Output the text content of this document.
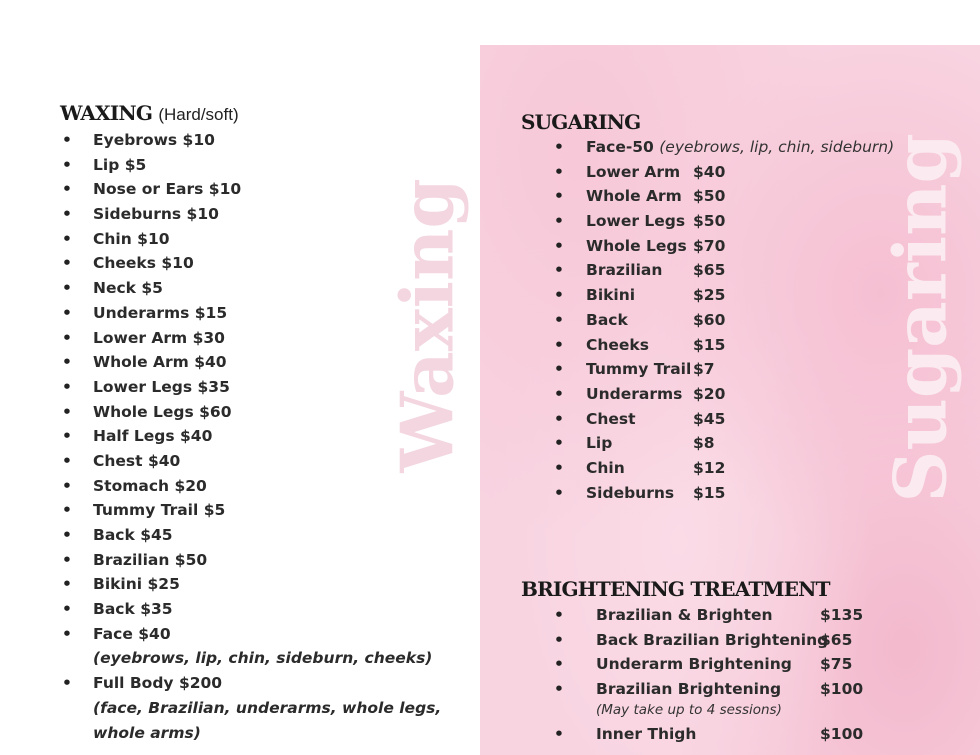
Waxing	Sugaring
WAXING (Hard/soft)
• Eyebrows $10
• Lip $5
• Nose or Ears $10
• Sideburns $10
• Chin $10
• Cheeks $10
• Neck $5
• Underarms $15
• Lower Arm $30
• Whole Arm $40
• Lower Legs $35
• Whole Legs $60
• Half Legs $40
• Chest $40
• Stomach $20
• Tummy Trail $5
• Back $45
• Brazilian $50
• Bikini $25
• Back $35
• Face $40
(eyebrows, lip, chin, sideburn, cheeks)
• Full Body $200
(face, Brazilian, underarms, whole legs,
whole arms)
SUGARING
• Face-50 (eyebrows, lip, chin, sideburn)
• Lower Arm $40
• Whole Arm $50
• Lower Legs $50
• Whole Legs $70
• Brazilian $65
• Bikini	$25
• Back	$60
• Cheeks	$15
• Tummy Trail $7
• Underarms $20
• Chest	$45
• Lip	$8
• Chin	$12
• Sideburns $15
BRIGHTENING TREATMENT
• Brazilian & Brighten	$135
• Back Brazilian Brightening$65
• Underarm Brightening $75
• Brazilian Brightening	$100
(May take up to 4 sessions)
• Inner Thigh	$100
